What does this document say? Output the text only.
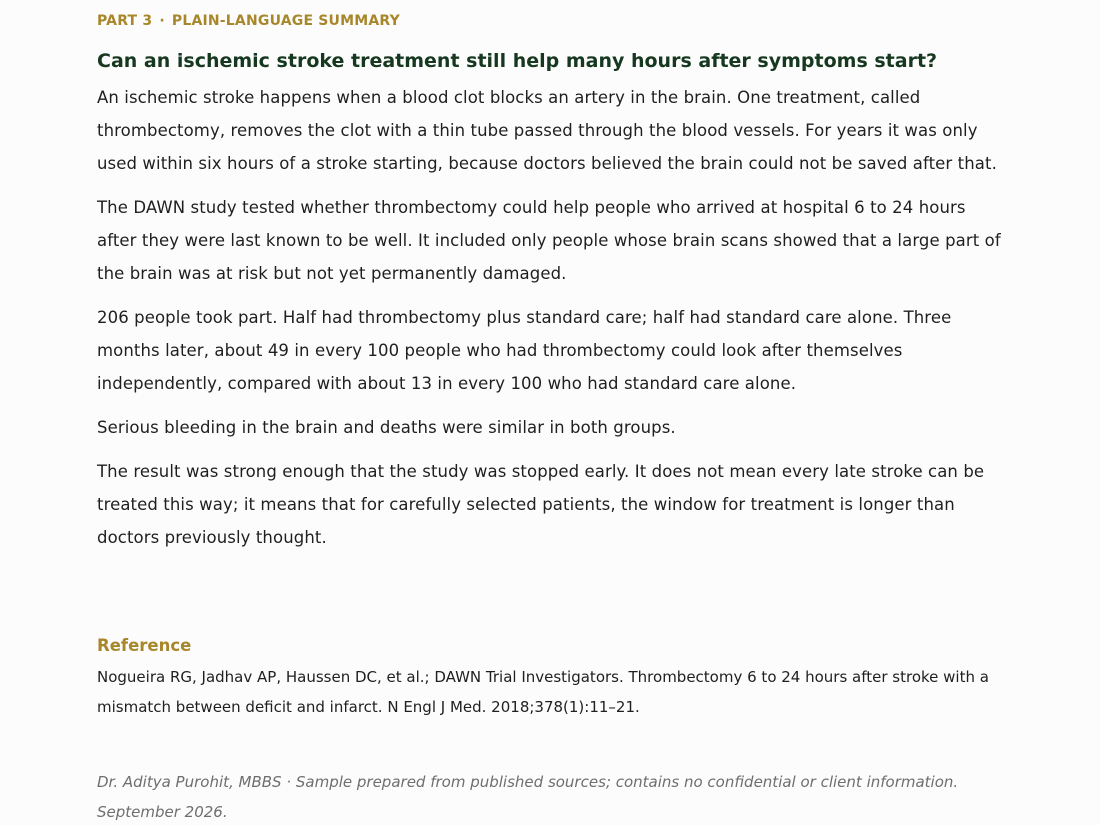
PART 3 · PLAIN-LANGUAGE SUMMARY
Can an ischemic stroke treatment still help many hours after symptoms start?

An ischemic stroke happens when a blood clot blocks an artery in the brain. One treatment, called thrombectomy, removes the clot with a thin tube passed through the blood vessels. For years it was only used within six hours of a stroke starting, because doctors believed the brain could not be saved after that.

The DAWN study tested whether thrombectomy could help people who arrived at hospital 6 to 24 hours after they were last known to be well. It included only people whose brain scans showed that a large part of the brain was at risk but not yet permanently damaged.

206 people took part. Half had thrombectomy plus standard care; half had standard care alone. Three months later, about 49 in every 100 people who had thrombectomy could look after themselves independently, compared with about 13 in every 100 who had standard care alone.

Serious bleeding in the brain and deaths were similar in both groups.

The result was strong enough that the study was stopped early. It does not mean every late stroke can be treated this way; it means that for carefully selected patients, the window for treatment is longer than doctors previously thought.

Reference

Nogueira RG, Jadhav AP, Haussen DC, et al.; DAWN Trial Investigators. Thrombectomy 6 to 24 hours after stroke with a mismatch between deficit and infarct. N Engl J Med. 2018;378(1):11–21.

Dr. Aditya Purohit, MBBS · Sample prepared from published sources; contains no confidential or client information. September 2026.
